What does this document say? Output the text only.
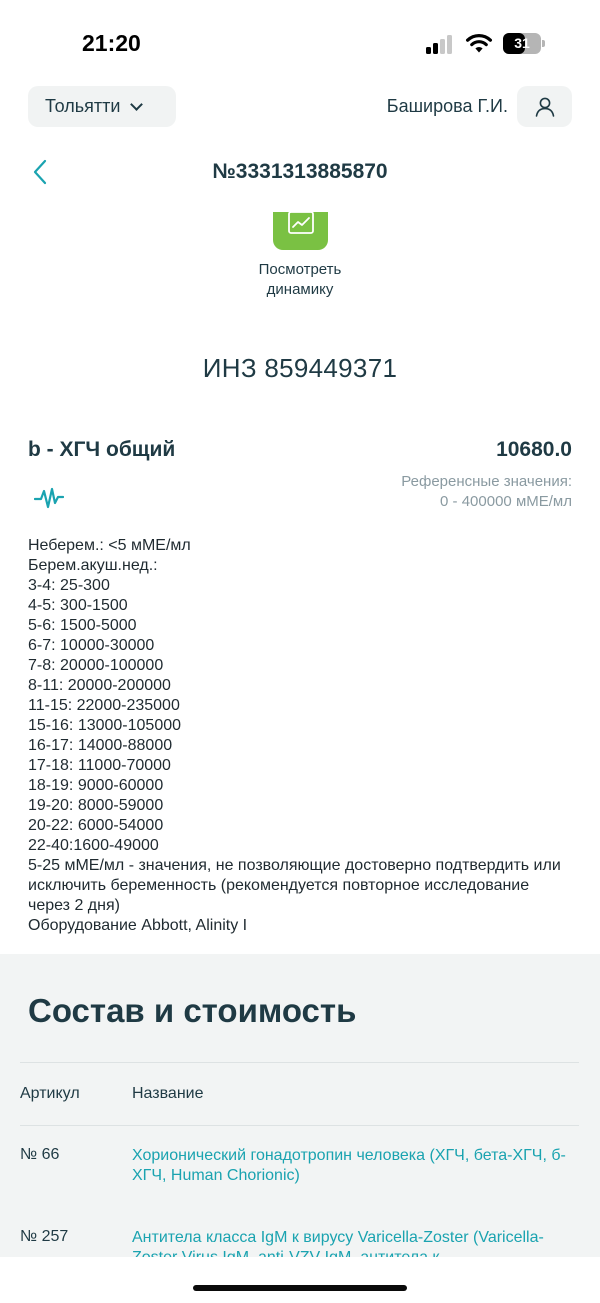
21:20	31
Тольятти	Баширова Г.И.
№3331313885870
Посмотреть
динамику
ИНЗ 859449371
b - ХГЧ общий	10680.0
Референсные значения:
0 - 400000 мМЕ/мл
Неберем.: <5 мМЕ/мл
Берем.акуш.нед.:
3-4: 25-300
4-5: 300-1500
5-6: 1500-5000
6-7: 10000-30000
7-8: 20000-100000
8-11: 20000-200000
11-15: 22000-235000
15-16: 13000-105000
16-17: 14000-88000
17-18: 11000-70000
18-19: 9000-60000
19-20: 8000-59000
20-22: 6000-54000
22-40:1600-49000
5-25 мМЕ/мл - значения, не позволяющие достоверно подтвердить или исключить беременность (рекомендуется повторное исследование через 2 дня)
Оборудование Abbott, Alinity I
Состав и стоимость
Артикул	Название
№ 66	Хорионический гонадотропин человека (ХГЧ, бета-ХГЧ, б-ХГЧ, Human Chorionic)
№ 257	Антитела класса IgM к вирусу Varicella-Zoster (Varicella-
